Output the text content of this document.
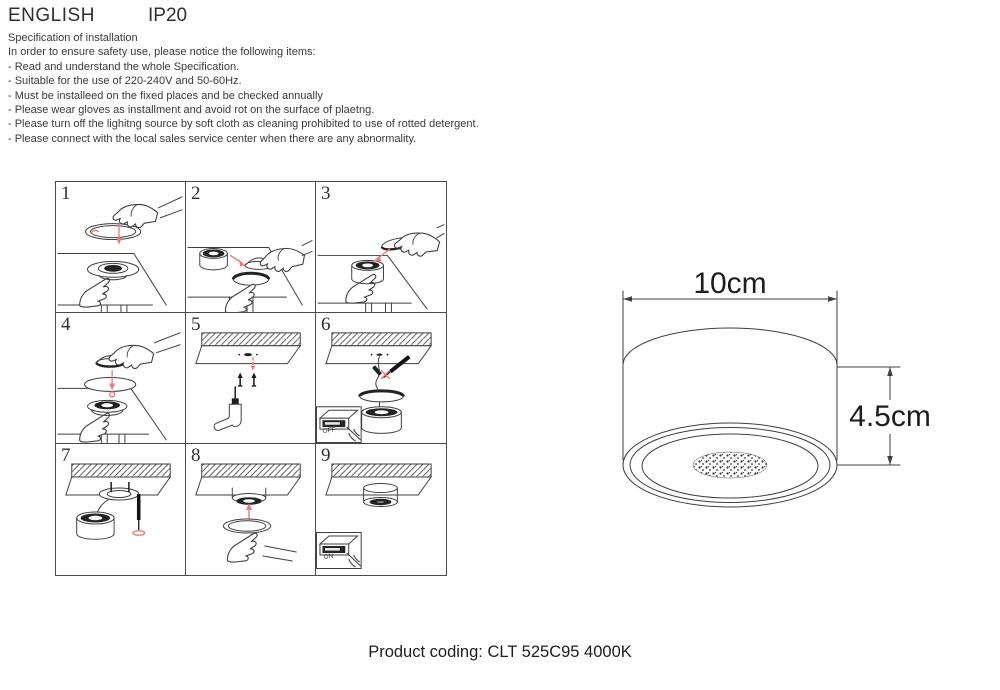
ENGLISH	IP20
Specification of installation
In order to ensure safety use, please notice the following items:
- Read and understand the whole Specification.
- Suitable for the use of 220-240V and 50-60Hz.
- Must be installeed on the fixed places and be checked annually
- Please wear gloves as installment and avoid rot on the surface of plaetng.
- Please turn off the lighitng source by soft cloth as cleaning prohibited to use of rotted detergent.
- Please connect with the local sales service center when there are any abnormality.
1	2	3
4	5	6
OFF
7	8	9
ON
10cm
4.5cm
Product coding: CLT 525C95 4000K
